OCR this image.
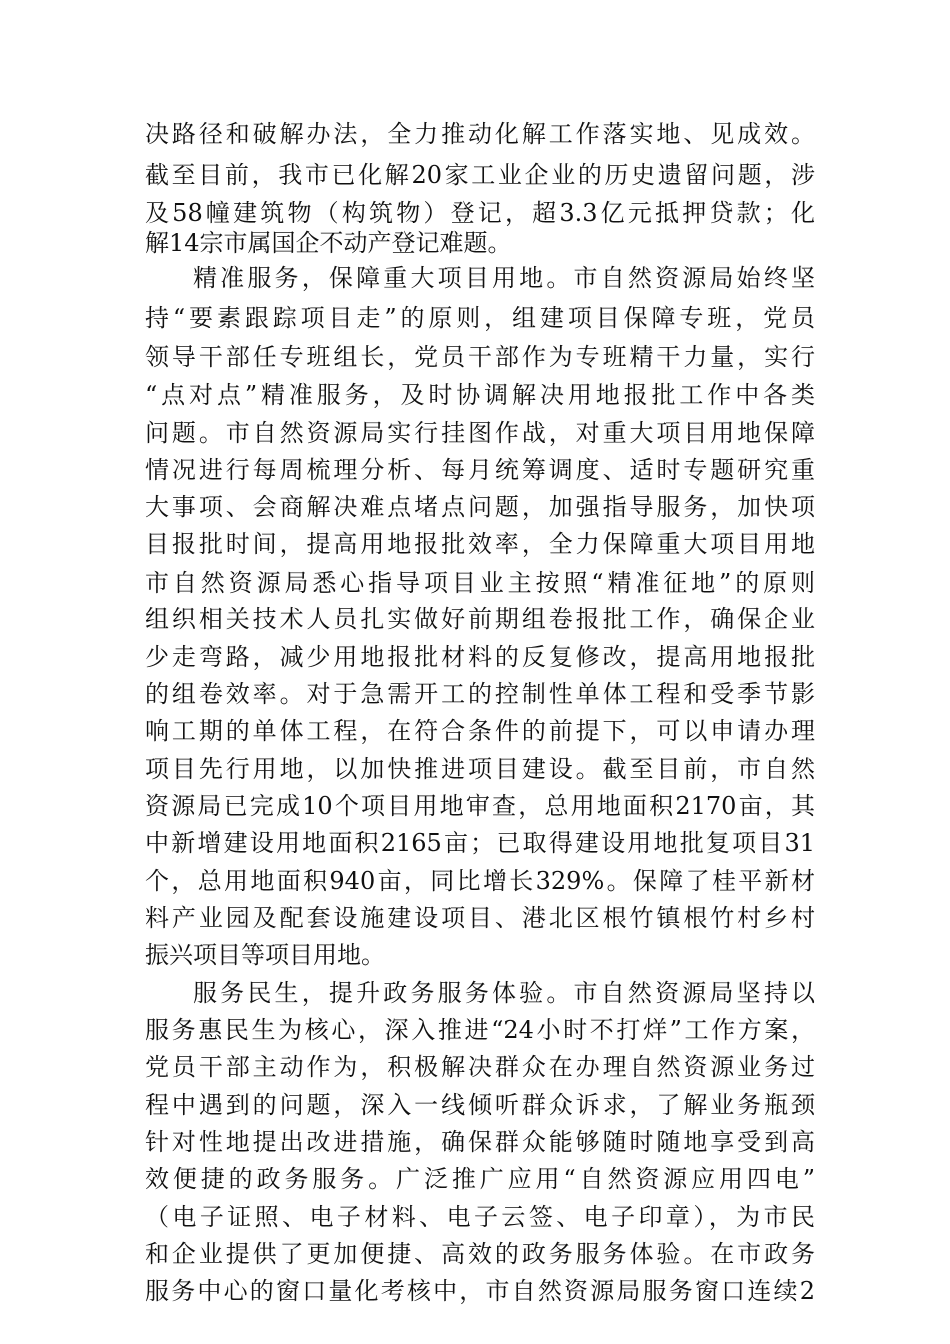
决路径和破解办法，全力推动化解工作落实地、见成效。
截至目前，我市已化解20家工业企业的历史遗留问题，涉
及58幢建筑物（构筑物）登记，超3.3亿元抵押贷款；化
解14宗市属国企不动产登记难题。
精准服务，保障重大项目用地。市自然资源局始终坚
持“要素跟踪项目走”的原则，组建项目保障专班，党员
领导干部任专班组长，党员干部作为专班精干力量，实行
“点对点”精准服务，及时协调解决用地报批工作中各类
问题。市自然资源局实行挂图作战，对重大项目用地保障
情况进行每周梳理分析、每月统筹调度、适时专题研究重
大事项、会商解决难点堵点问题，加强指导服务，加快项
目报批时间，提高用地报批效率，全力保障重大项目用地
市自然资源局悉心指导项目业主按照“精准征地”的原则
组织相关技术人员扎实做好前期组卷报批工作，确保企业
少走弯路，减少用地报批材料的反复修改，提高用地报批
的组卷效率。对于急需开工的控制性单体工程和受季节影
响工期的单体工程，在符合条件的前提下，可以申请办理
项目先行用地，以加快推进项目建设。截至目前，市自然
资源局已完成10个项目用地审查，总用地面积2170亩，其
中新增建设用地面积2165亩；已取得建设用地批复项目31
个，总用地面积940亩，同比增长329%。保障了桂平新材
料产业园及配套设施建设项目、港北区根竹镇根竹村乡村
振兴项目等项目用地。
服务民生，提升政务服务体验。市自然资源局坚持以
服务惠民生为核心，深入推进“24小时不打烊”工作方案，
党员干部主动作为，积极解决群众在办理自然资源业务过
程中遇到的问题，深入一线倾听群众诉求，了解业务瓶颈
针对性地提出改进措施，确保群众能够随时随地享受到高
效便捷的政务服务。广泛推广应用“自然资源应用四电”
（电子证照、电子材料、电子云签、电子印章），为市民
和企业提供了更加便捷、高效的政务服务体验。在市政务
服务中心的窗口量化考核中，市自然资源局服务窗口连续2
